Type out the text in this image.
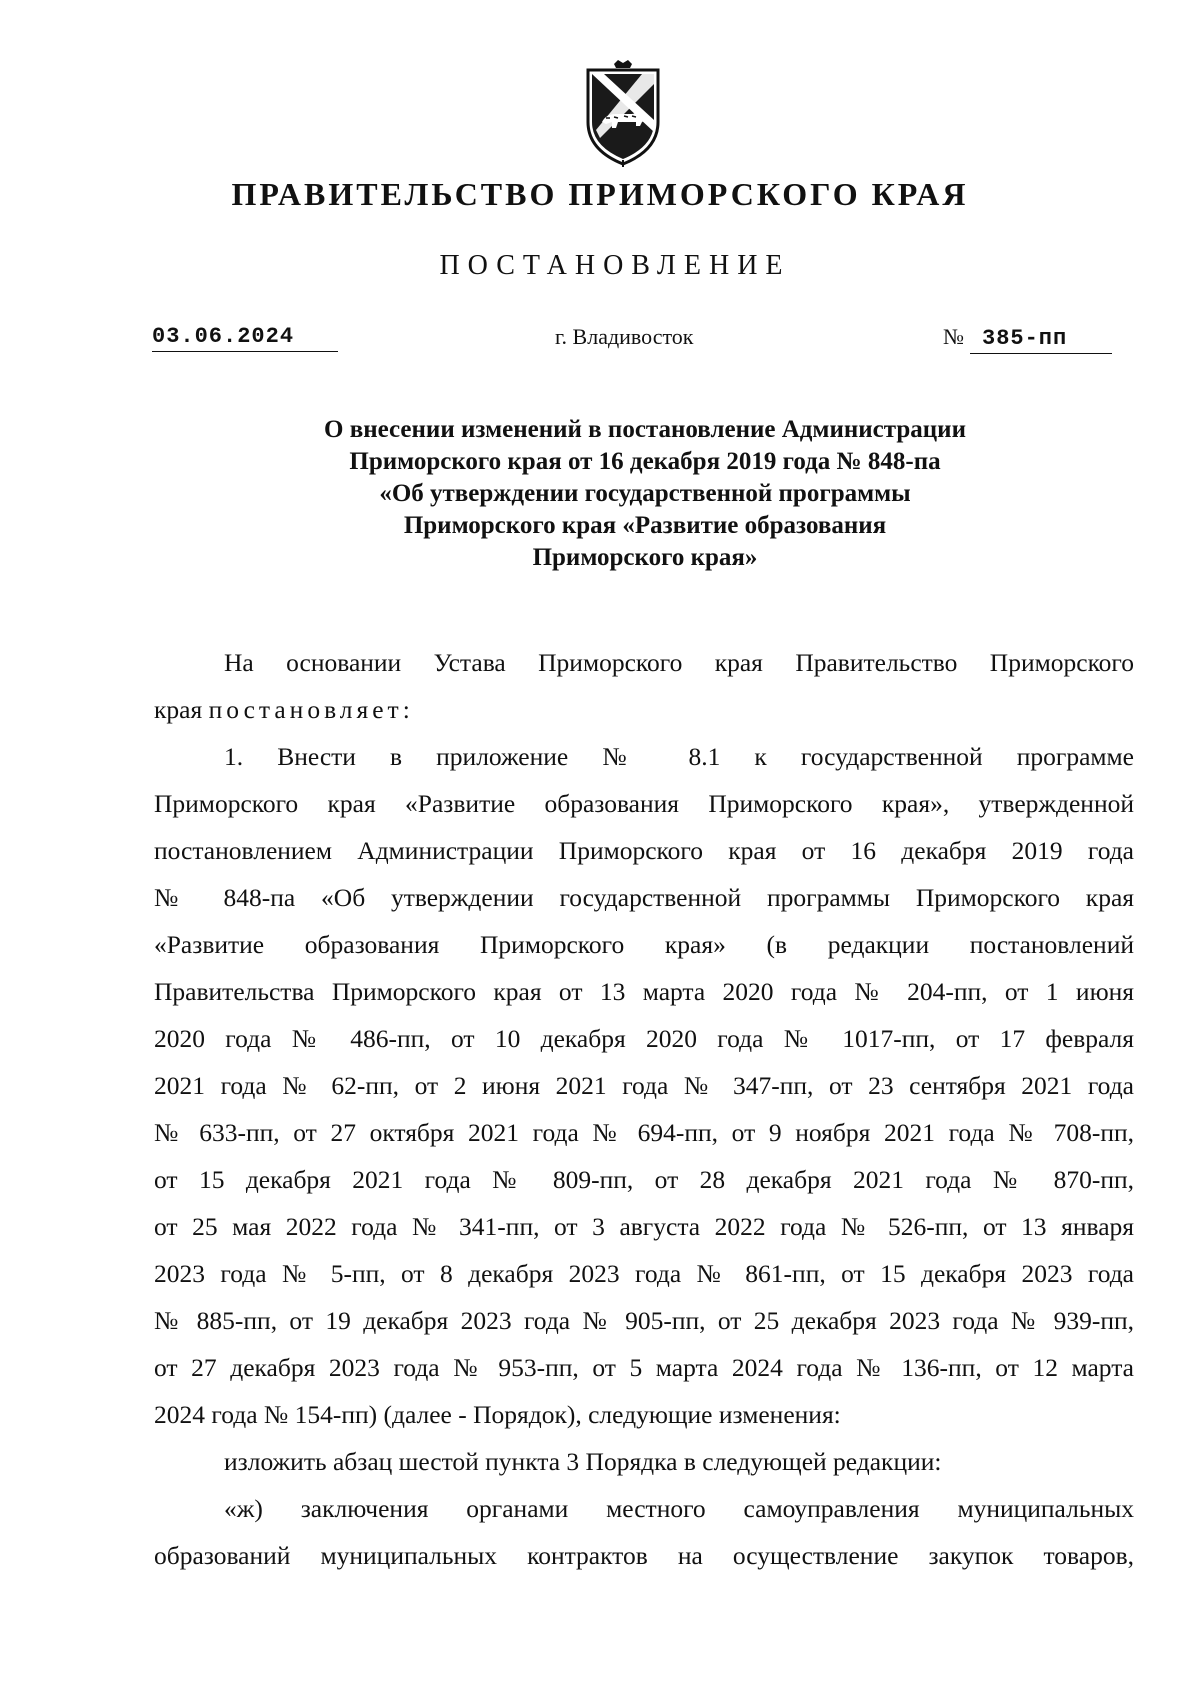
ПРАВИТЕЛЬСТВО ПРИМОРСКОГО КРАЯ
ПОСТАНОВЛЕНИЕ
03.06.2024	г. Владивосток	№ 385-пп
О внесении изменений в постановление Администрации
Приморского края от 16 декабря 2019 года № 848-па
«Об утверждении государственной программы
Приморского края «Развитие образования
Приморского края»
На основании Устава Приморского края Правительство Приморского
края постановляет:
1. Внести в приложение № 8.1 к государственной программе
Приморского края «Развитие образования Приморского края», утвержденной
постановлением Администрации Приморского края от 16 декабря 2019 года
№ 848-па «Об утверждении государственной программы Приморского края
«Развитие образования Приморского края» (в редакции постановлений
Правительства Приморского края от 13 марта 2020 года № 204-пп, от 1 июня
2020 года № 486-пп, от 10 декабря 2020 года № 1017-пп, от 17 февраля
2021 года № 62-пп, от 2 июня 2021 года № 347-пп, от 23 сентября 2021 года
№ 633-пп, от 27 октября 2021 года № 694-пп, от 9 ноября 2021 года № 708-пп,
от 15 декабря 2021 года № 809-пп, от 28 декабря 2021 года № 870-пп,
от 25 мая 2022 года № 341-пп, от 3 августа 2022 года № 526-пп, от 13 января
2023 года № 5-пп, от 8 декабря 2023 года № 861-пп, от 15 декабря 2023 года
№ 885-пп, от 19 декабря 2023 года № 905-пп, от 25 декабря 2023 года № 939-пп,
от 27 декабря 2023 года № 953-пп, от 5 марта 2024 года № 136-пп, от 12 марта
2024 года № 154-пп) (далее - Порядок), следующие изменения:
изложить абзац шестой пункта 3 Порядка в следующей редакции:
«ж) заключения органами местного самоуправления муниципальных
образований муниципальных контрактов на осуществление закупок товаров,
